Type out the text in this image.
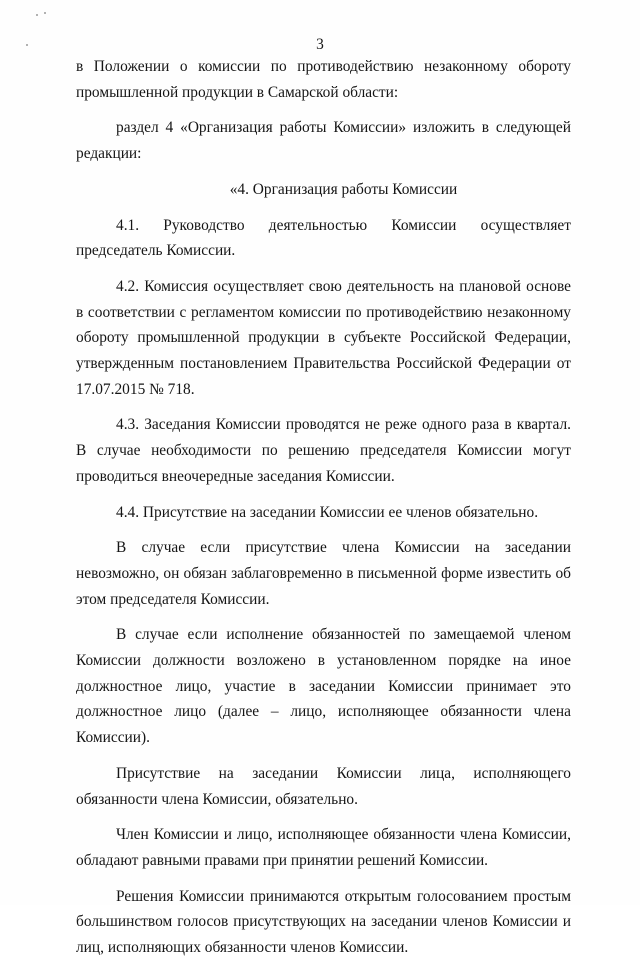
3

в Положении о комиссии по противодействию незаконному обороту промышленной продукции в Самарской области:

раздел 4 «Организация работы Комиссии» изложить в следующей редакции:

«4. Организация работы Комиссии

4.1. Руководство деятельностью Комиссии осуществляет председатель Комиссии.

4.2. Комиссия осуществляет свою деятельность на плановой основе в соответствии с регламентом комиссии по противодействию незаконному обороту промышленной продукции в субъекте Российской Федерации, утвержденным постановлением Правительства Российской Федерации от 17.07.2015 № 718.

4.3. Заседания Комиссии проводятся не реже одного раза в квартал. В случае необходимости по решению председателя Комиссии могут проводиться внеочередные заседания Комиссии.

4.4. Присутствие на заседании Комиссии ее членов обязательно.

В случае если присутствие члена Комиссии на заседании невозможно, он обязан заблаговременно в письменной форме известить об этом председателя Комиссии.

В случае если исполнение обязанностей по замещаемой членом Комиссии должности возложено в установленном порядке на иное должностное лицо, участие в заседании Комиссии принимает это должностное лицо (далее – лицо, исполняющее обязанности члена Комиссии).

Присутствие на заседании Комиссии лица, исполняющего обязанности члена Комиссии, обязательно.

Член Комиссии и лицо, исполняющее обязанности члена Комиссии, обладают равными правами при принятии решений Комиссии.

Решения Комиссии принимаются открытым голосованием простым большинством голосов присутствующих на заседании членов Комиссии и лиц, исполняющих обязанности членов Комиссии.
